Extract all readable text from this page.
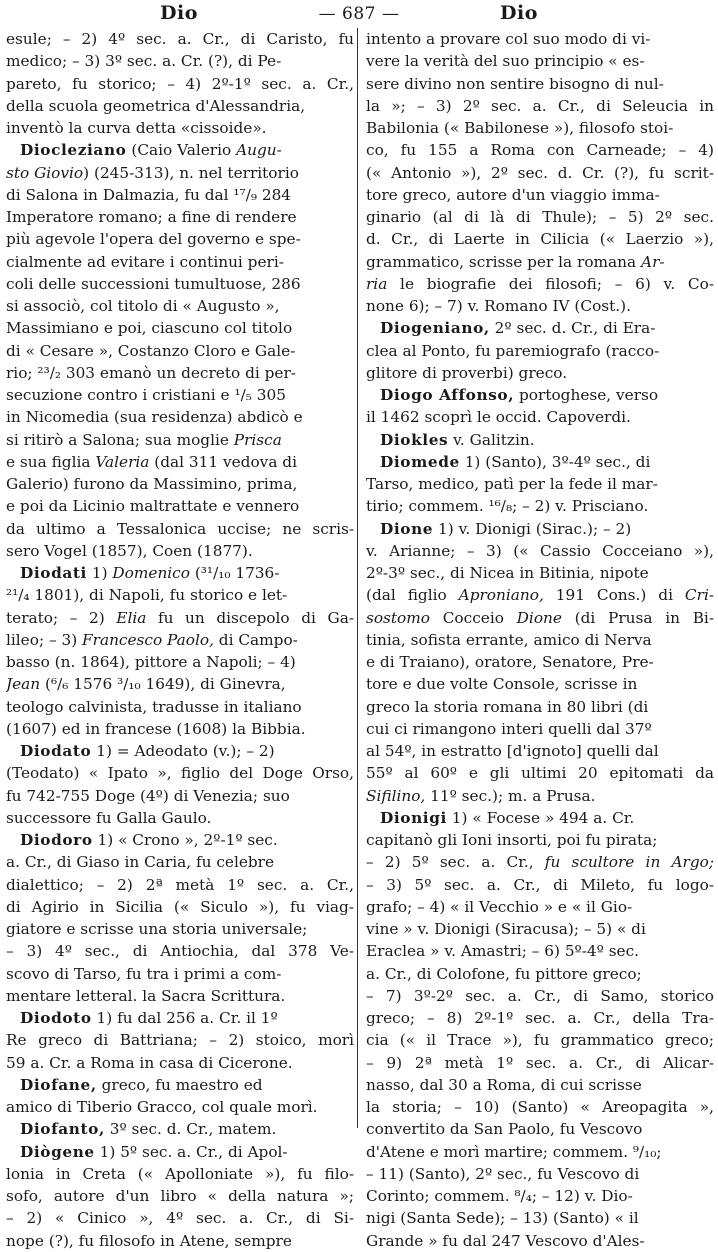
Dio	— 687 —	Dio
esule; – 2) 4º sec. a. Cr., di Caristo, fu
medico; – 3) 3º sec. a. Cr. (?), di Pe-
pareto, fu storico; – 4) 2º-1º sec. a. Cr.,
della scuola geometrica d'Alessandria,
inventò la curva detta «cissoide».
Diocleziano (Caio Valerio Augu-
sto Giovio) (245-313), n. nel territorio
di Salona in Dalmazia, fu dal ¹⁷/₉ 284
Imperatore romano; a fine di rendere
più agevole l'opera del governo e spe-
cialmente ad evitare i continui peri-
coli delle successioni tumultuose, 286
si associò, col titolo di « Augusto »,
Massimiano e poi, ciascuno col titolo
di « Cesare », Costanzo Cloro e Gale-
rio; ²³/₂ 303 emanò un decreto di per-
secuzione contro i cristiani e ¹/₅ 305
in Nicomedia (sua residenza) abdicò e
si ritirò a Salona; sua moglie Prisca
e sua figlia Valeria (dal 311 vedova di
Galerio) furono da Massimino, prima,
e poi da Licinio maltrattate e vennero
da ultimo a Tessalonica uccise; ne scris-
sero Vogel (1857), Coen (1877).
Diodati 1) Domenico (³¹/₁₀ 1736-
²¹/₄ 1801), di Napoli, fu storico e let-
terato; – 2) Elia fu un discepolo di Ga-
lileo; – 3) Francesco Paolo, di Campo-
basso (n. 1864), pittore a Napoli; – 4)
Jean (⁶/₆ 1576 ³/₁₀ 1649), di Ginevra,
teologo calvinista, tradusse in italiano
(1607) ed in francese (1608) la Bibbia.
Diodato 1) = Adeodato (v.); – 2)
(Teodato) « Ipato », figlio del Doge Orso,
fu 742-755 Doge (4º) di Venezia; suo
successore fu Galla Gaulo.
Diodoro 1) « Crono », 2º-1º sec.
a. Cr., di Giaso in Caria, fu celebre
dialettico; – 2) 2ª metà 1º sec. a. Cr.,
di Agirio in Sicilia (« Siculo »), fu viag-
giatore e scrisse una storia universale;
– 3) 4º sec., di Antiochia, dal 378 Ve-
scovo di Tarso, fu tra i primi a com-
mentare letteral. la Sacra Scrittura.
Diodoto 1) fu dal 256 a. Cr. il 1º
Re greco di Battriana; – 2) stoico, morì
59 a. Cr. a Roma in casa di Cicerone.
Diofane, greco, fu maestro ed
amico di Tiberio Gracco, col quale morì.
Diofanto, 3º sec. d. Cr., matem.
Diògene 1) 5º sec. a. Cr., di Apol-
lonia in Creta (« Apolloniate »), fu filo-
sofo, autore d'un libro « della natura »;
– 2) « Cinico », 4º sec. a. Cr., di Si-
nope (?), fu filosofo in Atene, sempre
intento a provare col suo modo di vi-
vere la verità del suo principio « es-
sere divino non sentire bisogno di nul-
la »; – 3) 2º sec. a. Cr., di Seleucia in
Babilonia (« Babilonese »), filosofo stoi-
co, fu 155 a Roma con Carneade; – 4)
(« Antonio »), 2º sec. d. Cr. (?), fu scrit-
tore greco, autore d'un viaggio imma-
ginario (al di là di Thule); – 5) 2º sec.
d. Cr., di Laerte in Cilicia (« Laerzio »),
grammatico, scrisse per la romana Ar-
ria le biografie dei filosofi; – 6) v. Co-
none 6); – 7) v. Romano IV (Cost.).
Diogeniano, 2º sec. d. Cr., di Era-
clea al Ponto, fu paremiografo (racco-
glitore di proverbi) greco.
Diogo Affonso, portoghese, verso
il 1462 scoprì le occid. Capoverdi.
Diokles v. Galitzin.
Diomede 1) (Santo), 3º-4º sec., di
Tarso, medico, patì per la fede il mar-
tirio; commem. ¹⁶/₈; – 2) v. Prisciano.
Dione 1) v. Dionigi (Sirac.); – 2)
v. Arianne; – 3) (« Cassio Cocceiano »),
2º-3º sec., di Nicea in Bitinia, nipote
(dal figlio Aproniano, 191 Cons.) di Cri-
sostomo Cocceio Dione (di Prusa in Bi-
tinia, sofista errante, amico di Nerva
e di Traiano), oratore, Senatore, Pre-
tore e due volte Console, scrisse in
greco la storia romana in 80 libri (di
cui ci rimangono interi quelli dal 37º
al 54º, in estratto [d'ignoto] quelli dal
55º al 60º e gli ultimi 20 epitomati da
Sifilino, 11º sec.); m. a Prusa.
Dionigi 1) « Focese » 494 a. Cr.
capitanò gli Ioni insorti, poi fu pirata;
– 2) 5º sec. a. Cr., fu scultore in Argo;
– 3) 5º sec. a. Cr., di Mileto, fu logo-
grafo; – 4) « il Vecchio » e « il Gio-
vine » v. Dionigi (Siracusa); – 5) « di
Eraclea » v. Amastri; – 6) 5º-4º sec.
a. Cr., di Colofone, fu pittore greco;
– 7) 3º-2º sec. a. Cr., di Samo, storico
greco; – 8) 2º-1º sec. a. Cr., della Tra-
cia (« il Trace »), fu grammatico greco;
– 9) 2ª metà 1º sec. a. Cr., di Alicar-
nasso, dal 30 a Roma, di cui scrisse
la storia; – 10) (Santo) « Areopagita »,
convertito da San Paolo, fu Vescovo
d'Atene e morì martire; commem. ⁹/₁₀;
– 11) (Santo), 2º sec., fu Vescovo di
Corinto; commem. ⁸/₄; – 12) v. Dio-
nigi (Santa Sede); – 13) (Santo) « il
Grande » fu dal 247 Vescovo d'Ales-
